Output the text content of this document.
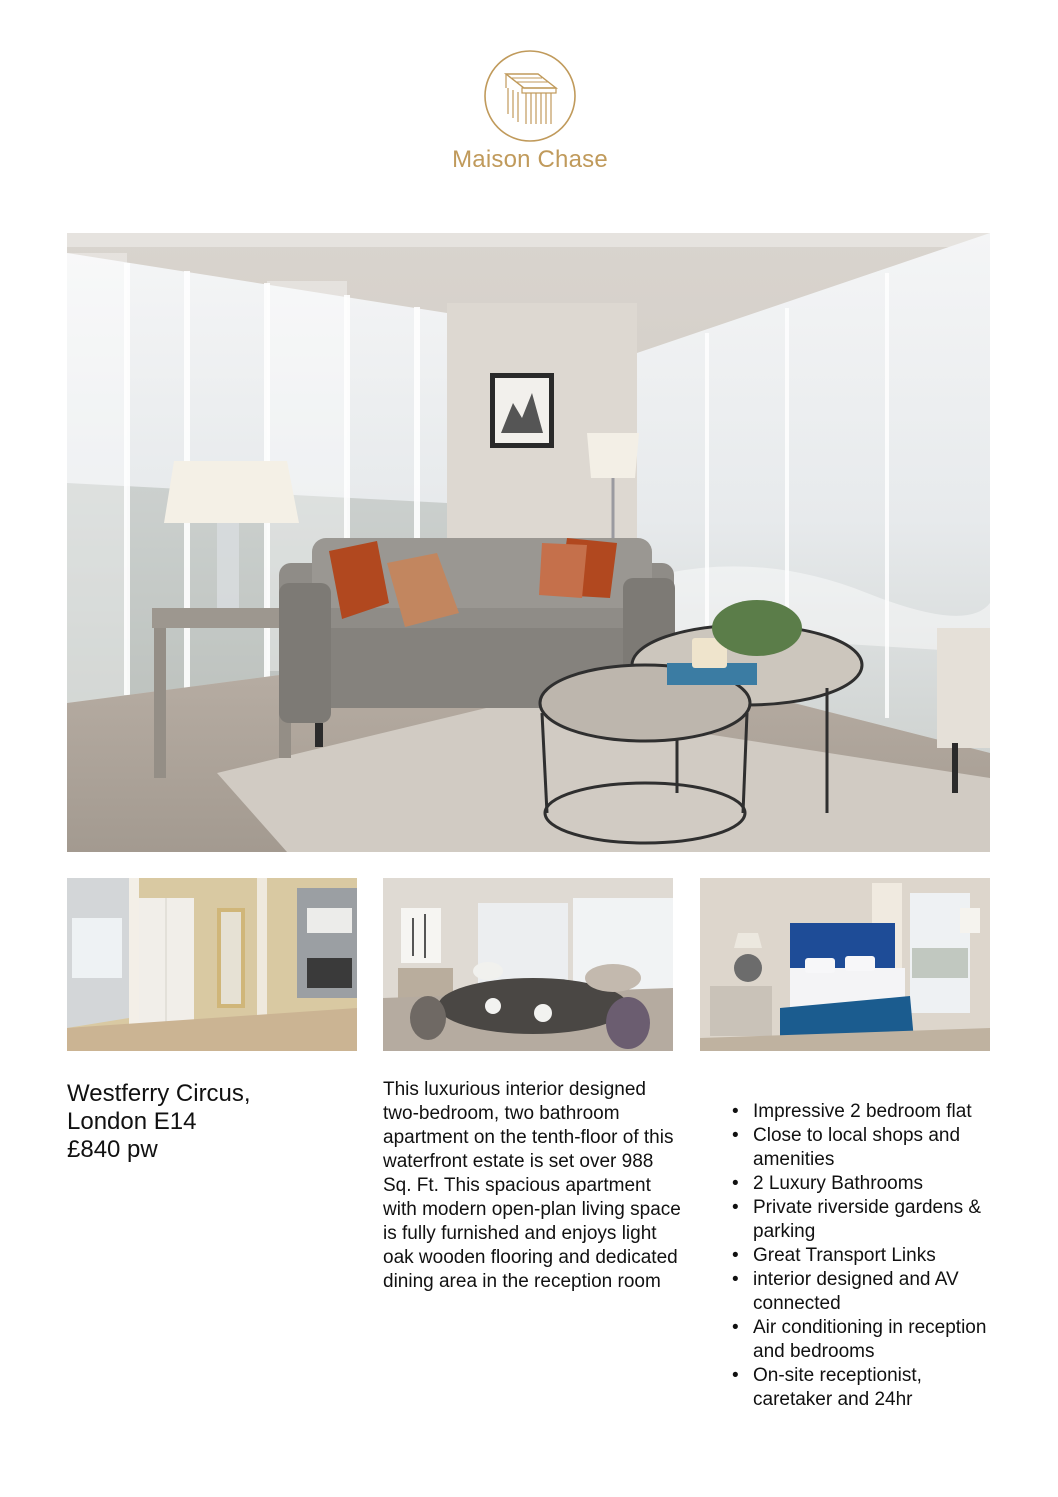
Maison Chase
Westferry Circus,
London E14
£840 pw
This luxurious interior designed two-bedroom, two bathroom apartment on the tenth-floor of this waterfront estate is set over 988 Sq. Ft. This spacious apartment with modern open-plan living space is fully furnished and enjoys light oak wooden flooring and dedicated dining area in the reception room
• Impressive 2 bedroom flat
• Close to local shops and amenities
• 2 Luxury Bathrooms
• Private riverside gardens & parking
• Great Transport Links
• interior designed and AV connected
• Air conditioning in reception and bedrooms
• On-site receptionist, caretaker and 24hr
